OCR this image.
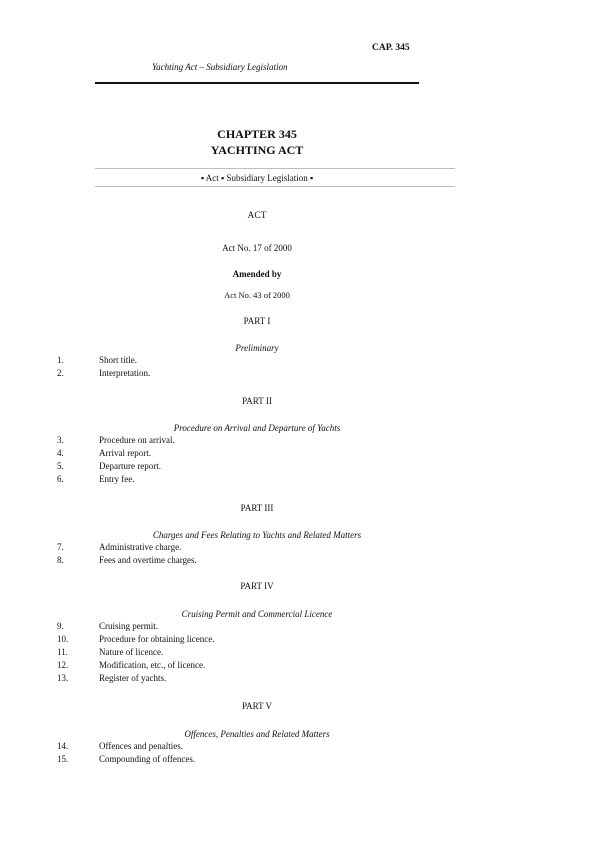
CAP. 345
Yachting Act – Subsidiary Legislation
CHAPTER 345
YACHTING ACT
▪ Act ▪ Subsidiary Legislation ▪
ACT
Act No. 17 of 2000
Amended by
Act No. 43 of 2000
PART I
Preliminary
1.	Short title.
2.	Interpretation.
PART II
Procedure on Arrival and Departure of Yachts
3.	Procedure on arrival.
4.	Arrival report.
5.	Departure report.
6.	Entry fee.
PART III
Charges and Fees Relating to Yachts and Related Matters
7.	Administrative charge.
8.	Fees and overtime charges.
PART IV
Cruising Permit and Commercial Licence
9.	Cruising permit.
10.	Procedure for obtaining licence.
11.	Nature of licence.
12.	Modification, etc., of licence.
13.	Register of yachts.
PART V
Offences, Penalties and Related Matters
14.	Offences and penalties.
15.	Compounding of offences.
